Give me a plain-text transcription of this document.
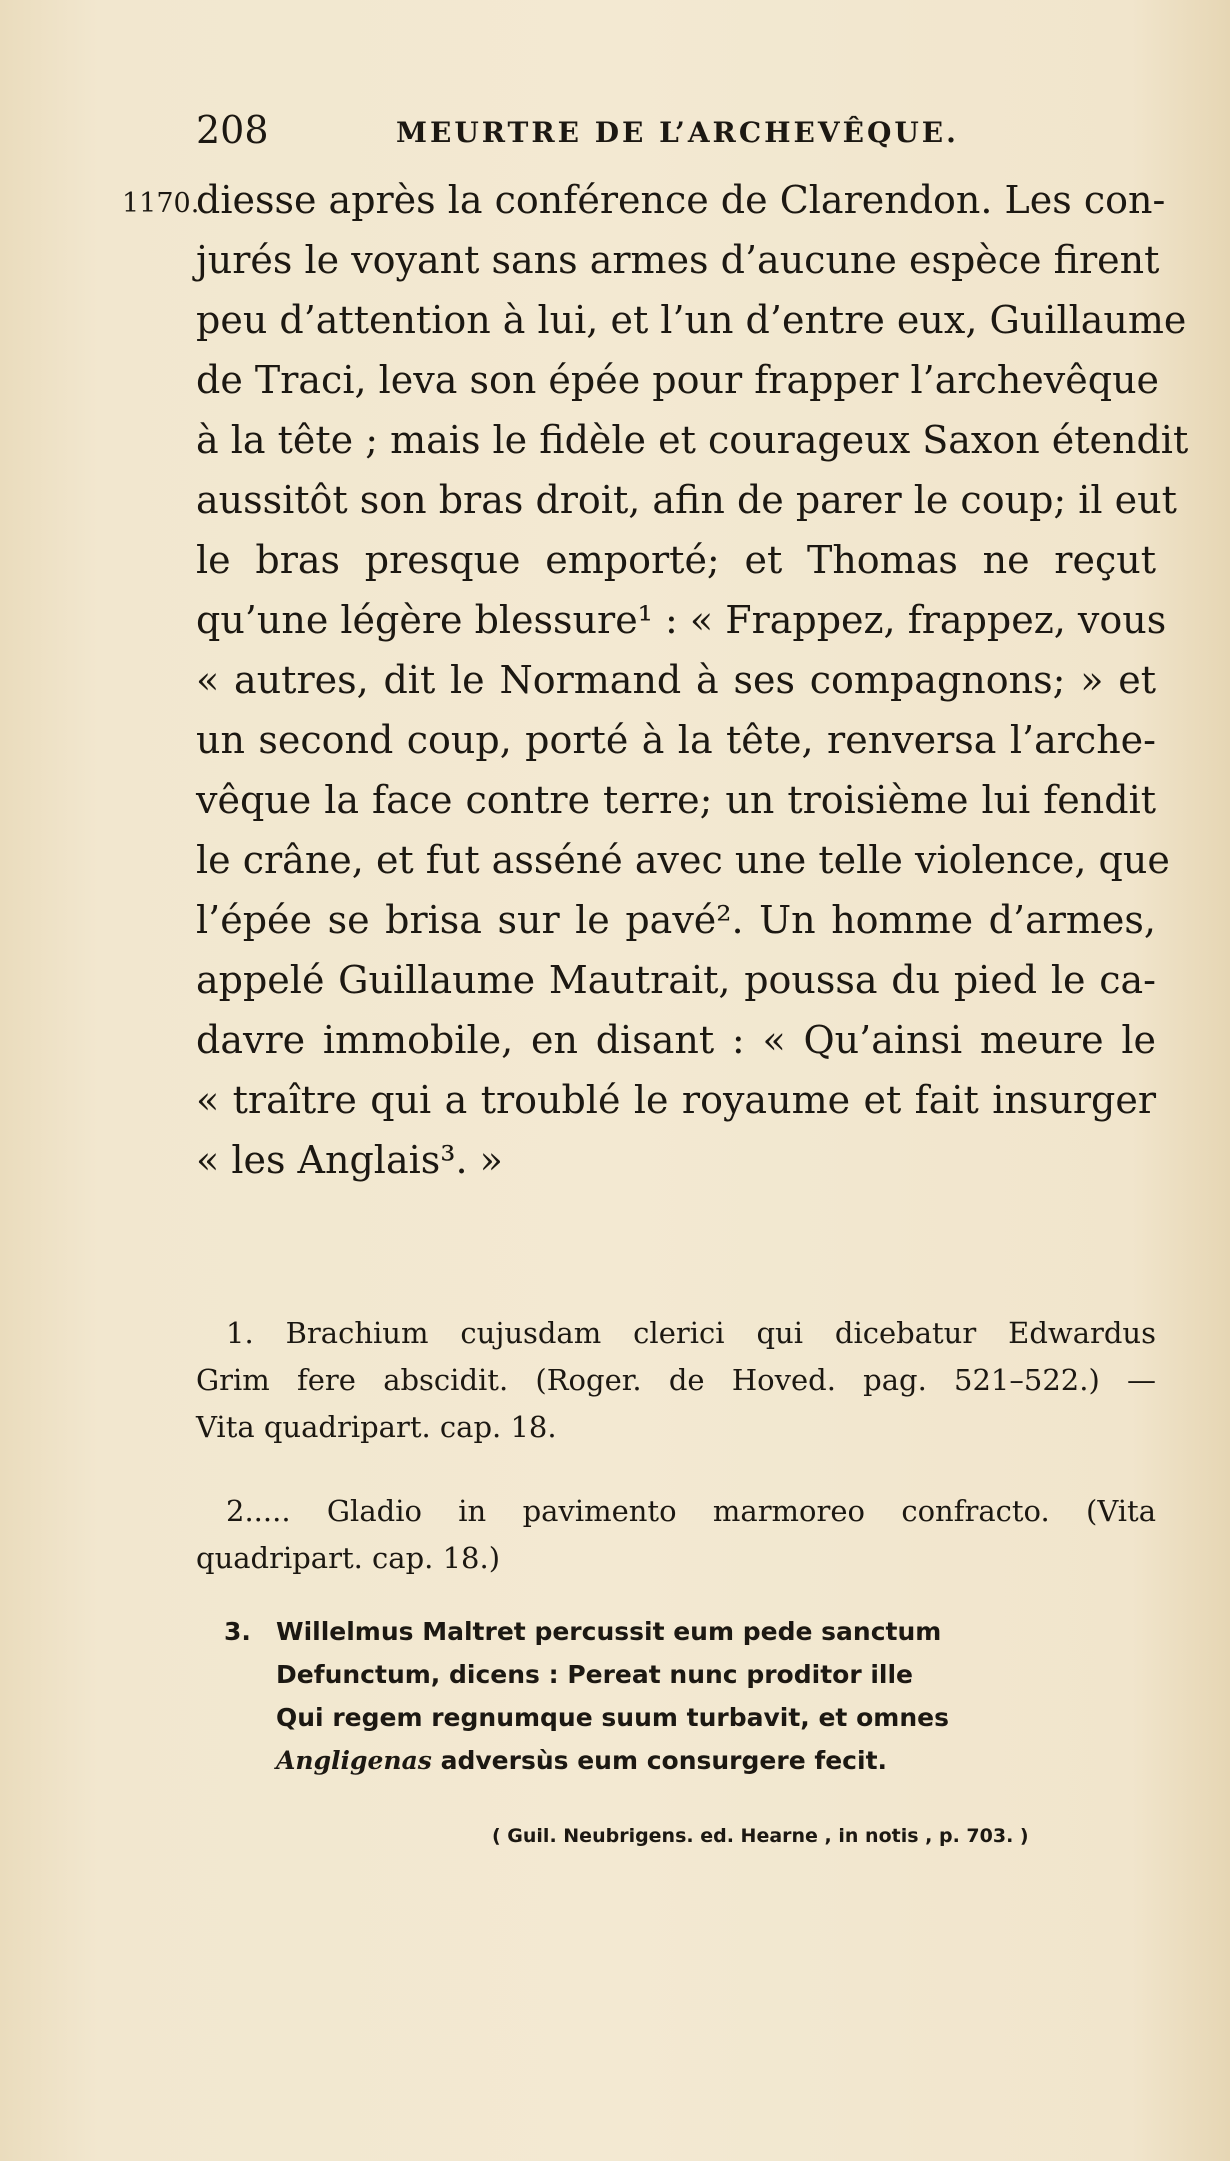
208	MEURTRE DE L’ARCHEVÊQUE.
1170.
diesse après la conférence de Clarendon. Les con-
jurés le voyant sans armes d’aucune espèce firent
peu d’attention à lui, et l’un d’entre eux, Guillaume
de Traci, leva son épée pour frapper l’archevêque
à la tête ; mais le fidèle et courageux Saxon étendit
aussitôt son bras droit, afin de parer le coup; il eut
le bras presque emporté; et Thomas ne reçut
qu’une légère blessure¹ : « Frappez, frappez, vous
« autres, dit le Normand à ses compagnons; » et
un second coup, porté à la tête, renversa l’arche-
vêque la face contre terre; un troisième lui fendit
le crâne, et fut asséné avec une telle violence, que
l’épée se brisa sur le pavé². Un homme d’armes,
appelé Guillaume Mautrait, poussa du pied le ca-
davre immobile, en disant : « Qu’ainsi meure le
« traître qui a troublé le royaume et fait insurger
« les Anglais³. »
1. Brachium cujusdam clerici qui dicebatur Edwardus
Grim fere abscidit. (Roger. de Hoved. pag. 521–522.) —
Vita quadripart. cap. 18.
2..... Gladio in pavimento marmoreo confracto. (Vita
quadripart. cap. 18.)
3. Willelmus Maltret percussit eum pede sanctum
Defunctum, dicens : Pereat nunc proditor ille
Qui regem regnumque suum turbavit, et omnes
Angligenas adversùs eum consurgere fecit.
( Guil. Neubrigens. ed. Hearne , in notis , p. 703. )
